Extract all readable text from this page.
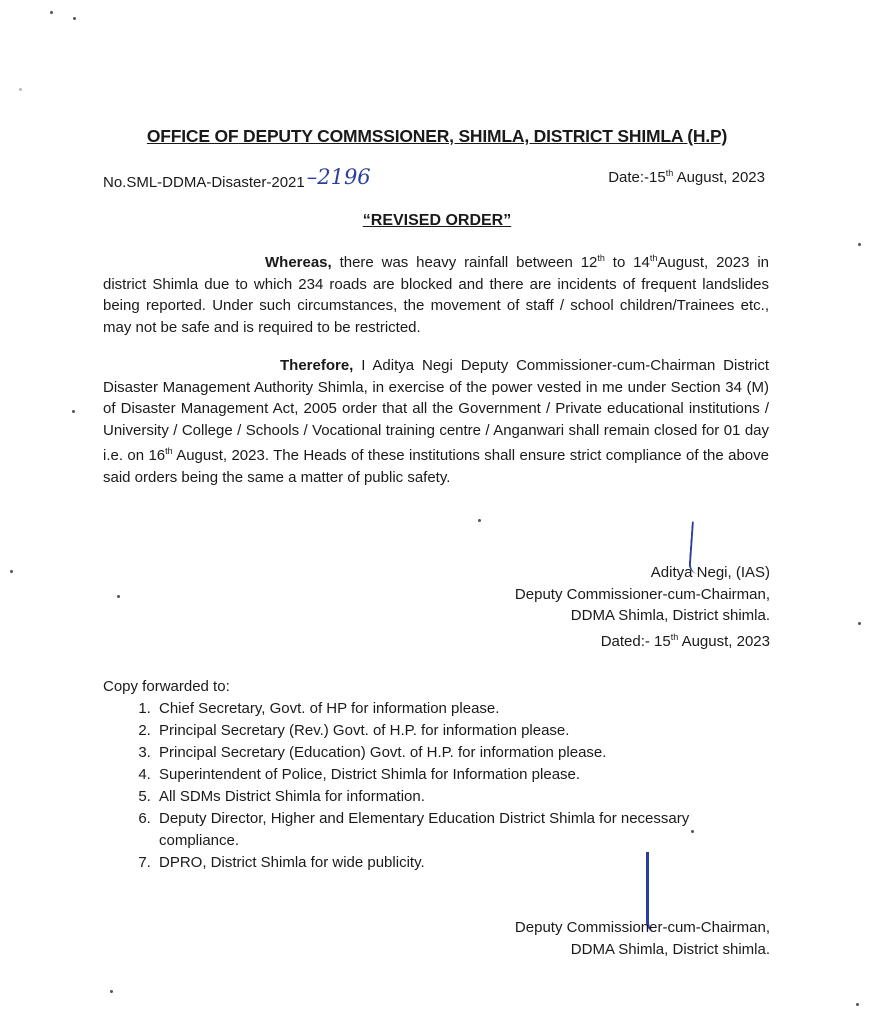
OFFICE OF DEPUTY COMMSSIONER, SHIMLA, DISTRICT SHIMLA (H.P)
No.SML-DDMA-Disaster-2021–2196	Date:-15th August, 2023
“REVISED ORDER”
Whereas, there was heavy rainfall between 12th to 14thAugust, 2023 in district Shimla due to which 234 roads are blocked and there are incidents of frequent landslides being reported. Under such circumstances, the movement of staff / school children/Trainees etc., may not be safe and is required to be restricted.
Therefore, I Aditya Negi Deputy Commissioner-cum-Chairman District Disaster Management Authority Shimla, in exercise of the power vested in me under Section 34 (M) of Disaster Management Act, 2005 order that all the Government / Private educational institutions / University / College / Schools / Vocational training centre / Anganwari shall remain closed for 01 day i.e. on 16th August, 2023. The Heads of these institutions shall ensure strict compliance of the above said orders being the same a matter of public safety.
Aditya Negi, (IAS)
Deputy Commissioner-cum-Chairman,
DDMA Shimla, District shimla.
Dated:- 15th August, 2023
Copy forwarded to:
1. Chief Secretary, Govt. of HP for information please.
2. Principal Secretary (Rev.) Govt. of H.P. for information please.
3. Principal Secretary (Education) Govt. of H.P. for information please.
4. Superintendent of Police, District Shimla for Information please.
5. All SDMs District Shimla for information.
6. Deputy Director, Higher and Elementary Education District Shimla for necessary compliance.
7. DPRO, District Shimla for wide publicity.
Deputy Commissioner-cum-Chairman,
DDMA Shimla, District shimla.
